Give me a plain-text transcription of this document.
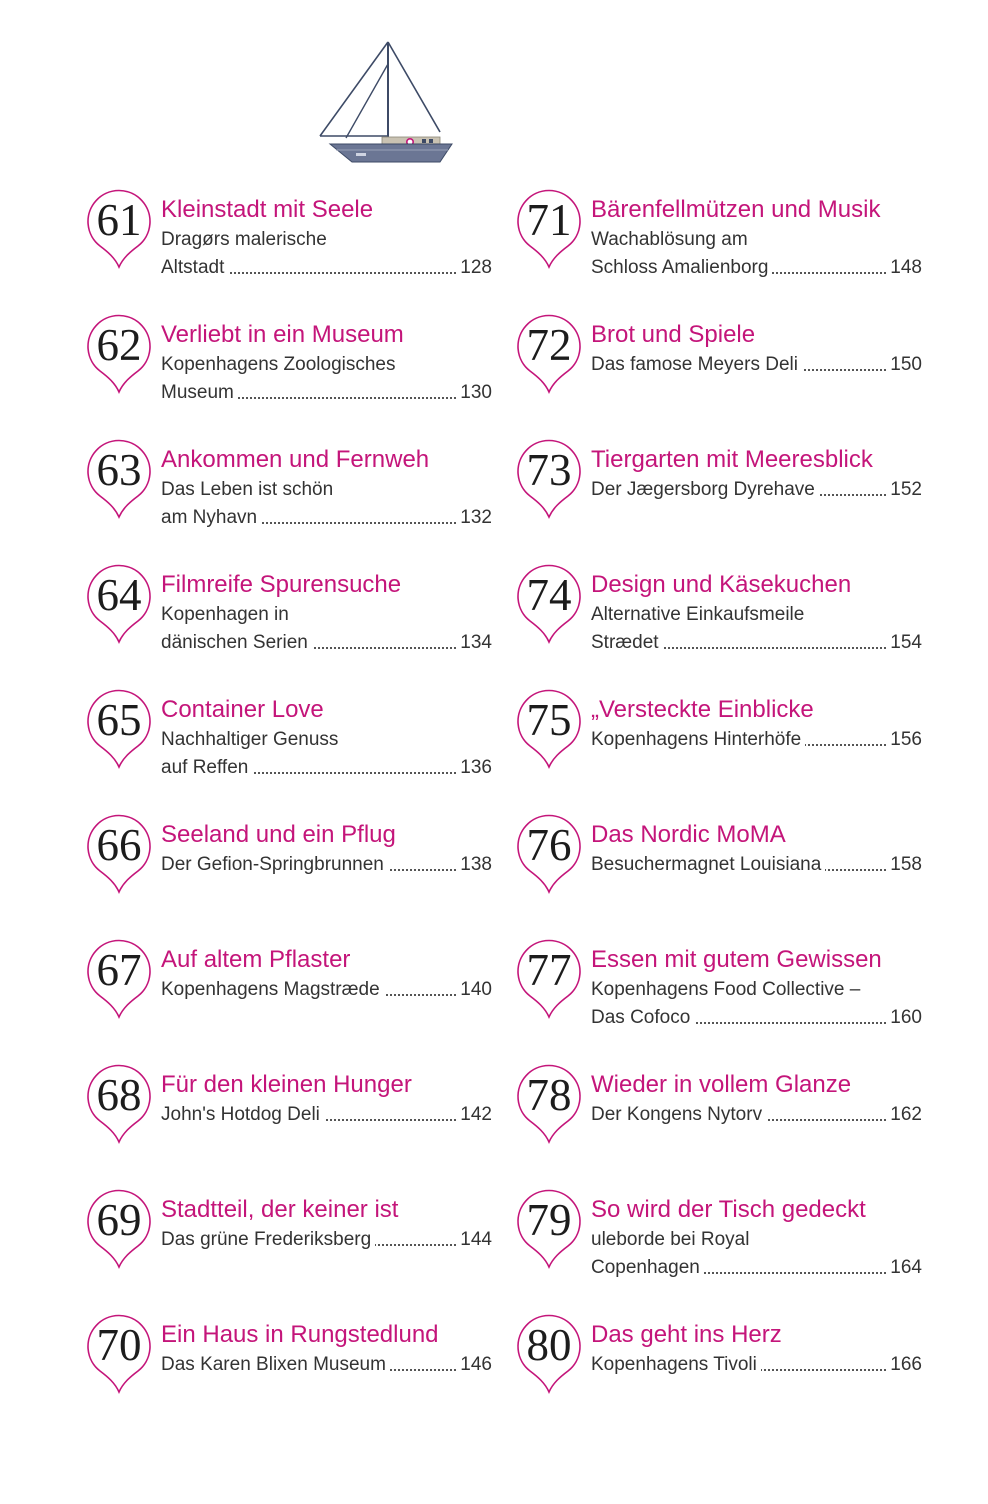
61 Kleinstadt mit Seele
Dragørs malerische
Altstadt	128
62 Verliebt in ein Museum
Kopenhagens Zoologisches
Museum	130
63 Ankommen und Fernweh
Das Leben ist schön
am Nyhavn	132
64 Filmreife Spurensuche
Kopenhagen in
dänischen Serien	134
65 Container Love
Nachhaltiger Genuss
auf Reffen	136
66 Seeland und ein Pflug
Der Gefion-Springbrunnen	138
67 Auf altem Pflaster
Kopenhagens Magstræde	140
68 Für den kleinen Hunger
John's Hotdog Deli	142
69 Stadtteil, der keiner ist
Das grüne Frederiksberg	144
70 Ein Haus in Rungstedlund
Das Karen Blixen Museum	146
71 Bärenfellmützen und Musik
Wachablösung am
Schloss Amalienborg	148
72 Brot und Spiele
Das famose Meyers Deli	150
73 Tiergarten mit Meeresblick
Der Jægersborg Dyrehave	152
74 Design und Käsekuchen
Alternative Einkaufsmeile
Strædet	154
75 „Versteckte Einblicke
Kopenhagens Hinterhöfe	156
76 Das Nordic MoMA
Besuchermagnet Louisiana	158
77 Essen mit gutem Gewissen
Kopenhagens Food Collective –
Das Cofoco	160
78 Wieder in vollem Glanze
Der Kongens Nytorv	162
79 So wird der Tisch gedeckt
uleborde bei Royal
Copenhagen	164
80 Das geht ins Herz
Kopenhagens Tivoli	166
